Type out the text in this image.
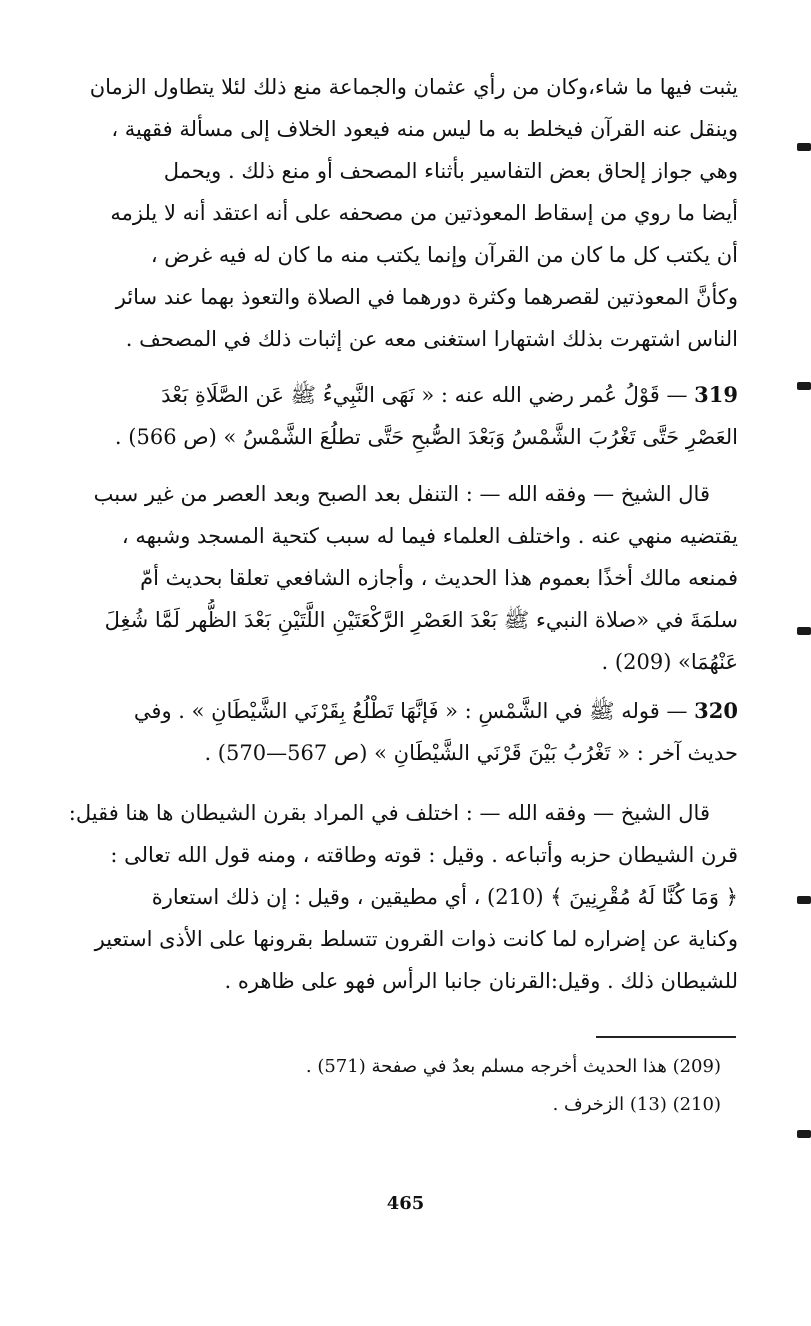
يثبت فيها ما شاء،وكان من رأي عثمان والجماعة منع ذلك لئلا يتطاول الزمان
وينقل عنه القرآن فيخلط به ما ليس منه فيعود الخلاف إلى مسألة فقهية ،
وهي جواز إلحاق بعض التفاسير بأثناء المصحف أو منع ذلك . ويحمل
أيضا ما روي من إسقاط المعوذتين من مصحفه على أنه اعتقد أنه لا يلزمه
أن يكتب كل ما كان من القرآن وإنما يكتب منه ما كان له فيه غرض ،
وكأنَّ المعوذتين لقصرهما وكثرة دورهما في الصلاة والتعوذ بهما عند سائر
الناس اشتهرت بذلك اشتهارا استغنى معه عن إثبات ذلك في المصحف .
319 — قَوْلُ عُمر رضي الله عنه : « نَهَى النَّبِيءُ ﷺ عَن الصَّلَاةِ بَعْدَ
العَصْرِ حَتَّى تَغْرُبَ الشَّمْسُ وَبَعْدَ الصُّبحِ حَتَّى تطلُعَ الشَّمْسُ » (ص 566) .
قال الشيخ — وفقه الله — : التنفل بعد الصبح وبعد العصر من غير سبب
يقتضيه منهي عنه . واختلف العلماء فيما له سبب كتحية المسجد وشبهه ،
فمنعه مالك أخذًا بعموم هذا الحديث ، وأجازه الشافعي تعلقا بحديث أمّ
سلمَةَ في «صلاة النبيء ﷺ بَعْدَ العَصْرِ الرَّكْعَتَيْنِ اللَّتَيْنِ بَعْدَ الظُّهر لَمَّا شُغِلَ
عَنْهُمَا» (209) .
320 — قوله ﷺ في الشَّمْسِ : « فَإنَّهَا تَطْلُعُ بِقَرْنَي الشَّيْطَانِ » . وفي
حديث آخر : « تَغْرُبُ بَيْنَ قَرْنَي الشَّيْطَانِ » (ص 567—570) .
قال الشيخ — وفقه الله — : اختلف في المراد بقرن الشيطان ها هنا فقيل:
قرن الشيطان حزبه وأتباعه . وقيل : قوته وطاقته ، ومنه قول الله تعالى :
﴿ وَمَا كُنَّا لَهُ مُقْرِنِينَ ﴾ (210) ، أي مطيقين ، وقيل : إن ذلك استعارة
وكناية عن إضراره لما كانت ذوات القرون تتسلط بقرونها على الأذى استعير
للشيطان ذلك . وقيل:القرنان جانبا الرأس فهو على ظاهره .
(209) هذا الحديث أخرجه مسلم بعدُ في صفحة (571) .
(210) (13) الزخرف .
465
